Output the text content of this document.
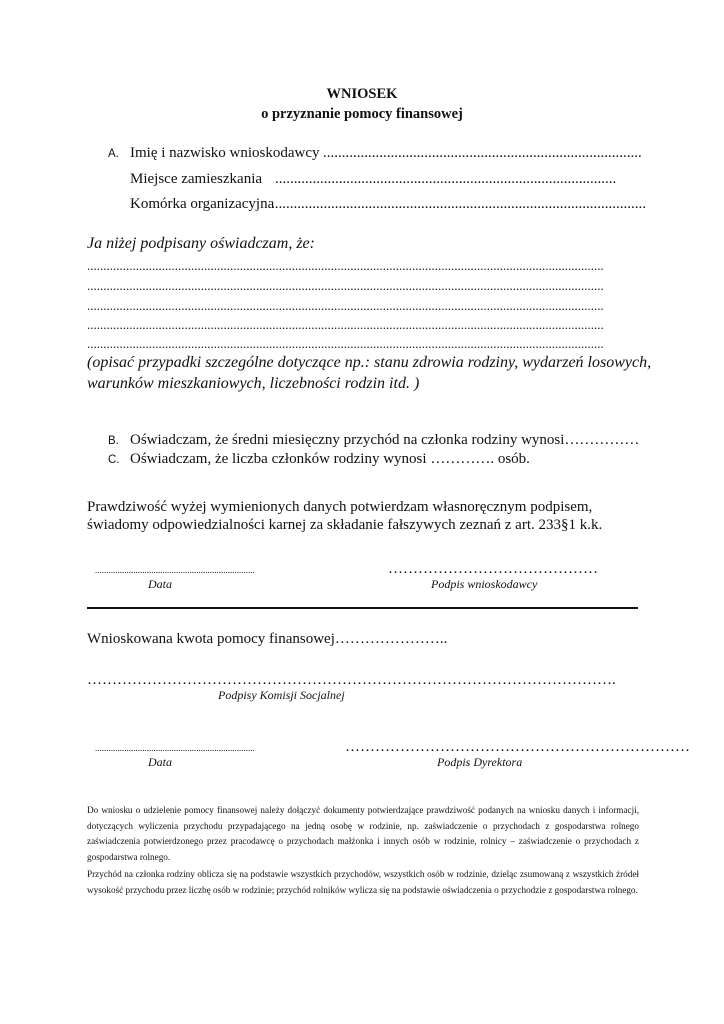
WNIOSEK
o przyznanie pomocy finansowej
A. Imię i nazwisko wnioskodawcy .....................................................................................
Miejsce zamieszkania ...........................................................................................
Komórka organizacyjna
....................................................................................................
Ja niżej podpisany oświadczam, że:
...............................................................................................................................................................
...............................................................................................................................................................
...............................................................................................................................................................
...............................................................................................................................................................
...............................................................................................................................................................
(opisać przypadki szczególne dotyczące np.: stanu zdrowia rodziny, wydarzeń losowych,
warunków mieszkaniowych, liczebności rodzin itd. )
B. Oświadczam, że średni miesięczny przychód na członka rodziny wynosi……………
C. Oświadczam, że liczba członków rodziny wynosi …………. osób.
Prawdziwość wyżej wymienionych danych potwierdzam własnoręcznym podpisem,
świadomy odpowiedzialności karnej za składanie fałszywych zeznań z art. 233§1 k.k.
.......................................................................
Data
……………………………………
Podpis wnioskodawcy
Wnioskowana kwota pomocy finansowej…………………..
…………………………………………………………………………………………….
Podpisy Komisji Socjalnej
.......................................................................
Data
……………………………………………………………
Podpis Dyrektora
Do wniosku o udzielenie pomocy finansowej należy dołączyć dokumenty potwierdzające prawdziwość podanych na wniosku danych i informacji, dotyczących wyliczenia przychodu przypadającego na jedną osobę w rodzinie, np. zaświadczenie o przychodach z gospodarstwa rolnego zaświadczenia potwierdzonego przez pracodawcę o przychodach małżonka i innych osób w rodzinie, rolnicy – zaświadczenie o przychodach z gospodarstwa rolnego.
Przychód na członka rodziny oblicza się na podstawie wszystkich przychodów, wszystkich osób w rodzinie, dzieląc zsumowaną z wszystkich źródeł wysokość przychodu przez liczbę osób w rodzinie; przychód rolników wylicza się na podstawie oświadczenia o przychodzie z gospodarstwa rolnego.
